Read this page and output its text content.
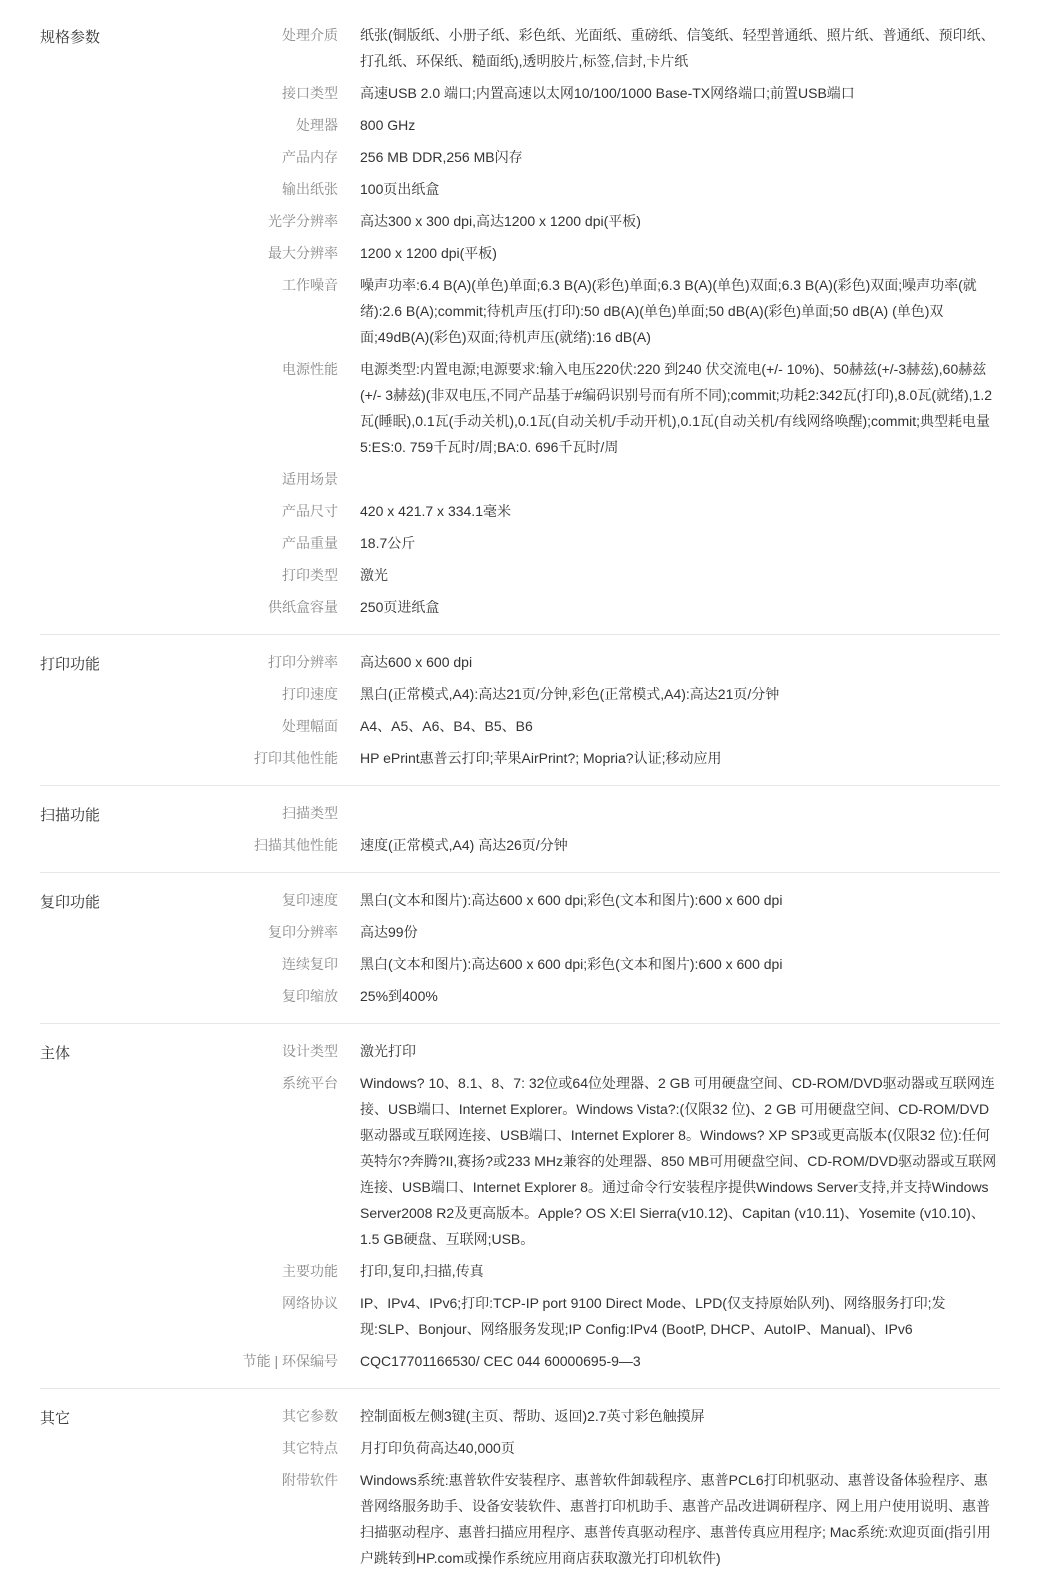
规格参数	处理介质	纸张(铜版纸、小册子纸、彩色纸、光面纸、重磅纸、信笺纸、轻型普通纸、照片纸、普通纸、预印纸、打孔纸、环保纸、糙面纸),透明胶片,标签,信封,卡片纸
接口类型	高速USB 2.0 端口;内置高速以太网10/100/1000 Base-TX网络端口;前置USB端口
处理器	800 GHz
产品内存	256 MB DDR,256 MB闪存
输出纸张	100页出纸盒
光学分辨率	高达300 x 300 dpi,高达1200 x 1200 dpi(平板)
最大分辨率	1200 x 1200 dpi(平板)
工作噪音	噪声功率:6.4 B(A)(单色)单面;6.3 B(A)(彩色)单面;6.3 B(A)(单色)双面;6.3 B(A)(彩色)双面;噪声功率(就绪):2.6 B(A);commit;待机声压(打印):50 dB(A)(单色)单面;50 dB(A)(彩色)单面;50 dB(A) (单色)双面;49dB(A)(彩色)双面;待机声压(就绪):16 dB(A)
电源性能	电源类型:内置电源;电源要求:输入电压220伏:220 到240 伏交流电(+/- 10%)、50赫兹(+/-3赫兹),60赫兹(+/- 3赫兹)(非双电压,不同产品基于#编码识别号而有所不同);commit;功耗2:342瓦(打印),8.0瓦(就绪),1.2瓦(睡眠),0.1瓦(手动关机),0.1瓦(自动关机/手动开机),0.1瓦(自动关机/有线网络唤醒);commit;典型耗电量5:ES:0. 759千瓦时/周;BA:0. 696千瓦时/周
适用场景
产品尺寸	420 x 421.7 x 334.1毫米
产品重量	18.7公斤
打印类型	激光
供纸盒容量	250页进纸盒
打印功能	打印分辨率	高达600 x 600 dpi
打印速度	黑白(正常模式,A4):高达21页/分钟,彩色(正常模式,A4):高达21页/分钟
处理幅面	A4、A5、A6、B4、B5、B6
打印其他性能	HP ePrint惠普云打印;苹果AirPrint?; Mopria?认证;移动应用
扫描功能	扫描类型
扫描其他性能	速度(正常模式,A4) 高达26页/分钟
复印功能	复印速度	黑白(文本和图片):高达600 x 600 dpi;彩色(文本和图片):600 x 600 dpi
复印分辨率	高达99份
连续复印	黑白(文本和图片):高达600 x 600 dpi;彩色(文本和图片):600 x 600 dpi
复印缩放	25%到400%
主体	设计类型	激光打印
系统平台	Windows? 10、8.1、8、7: 32位或64位处理器、2 GB 可用硬盘空间、CD-ROM/DVD驱动器或互联网连接、USB端口、Internet Explorer。Windows Vista?:(仅限32 位)、2 GB 可用硬盘空间、CD-ROM/DVD驱动器或互联网连接、USB端口、Internet Explorer 8。Windows? XP SP3或更高版本(仅限32 位):任何英特尔?奔腾?II,赛扬?或233 MHz兼容的处理器、850 MB可用硬盘空间、CD-ROM/DVD驱动器或互联网连接、USB端口、Internet Explorer 8。通过命令行安装程序提供Windows Server支持,并支持Windows Server2008 R2及更高版本。Apple? OS X:El Sierra(v10.12)、Capitan (v10.11)、Yosemite (v10.10)、1.5 GB硬盘、互联网;USB。
主要功能	打印,复印,扫描,传真
网络协议	IP、IPv4、IPv6;打印:TCP-IP port 9100 Direct Mode、LPD(仅支持原始队列)、网络服务打印;发现:SLP、Bonjour、网络服务发现;IP Config:IPv4 (BootP, DHCP、AutoIP、Manual)、IPv6
节能 | 环保编号	CQC17701166530/ CEC 044 60000695-9—3
其它	其它参数	控制面板左侧3键(主页、帮助、返回)2.7英寸彩色触摸屏
其它特点	月打印负荷高达40,000页
附带软件	Windows系统:惠普软件安装程序、惠普软件卸载程序、惠普PCL6打印机驱动、惠普设备体验程序、惠普网络服务助手、设备安装软件、惠普打印机助手、惠普产品改进调研程序、网上用户使用说明、惠普扫描驱动程序、惠普扫描应用程序、惠普传真驱动程序、惠普传真应用程序; Mac系统:欢迎页面(指引用户跳转到HP.com或操作系统应用商店获取激光打印机软件)
